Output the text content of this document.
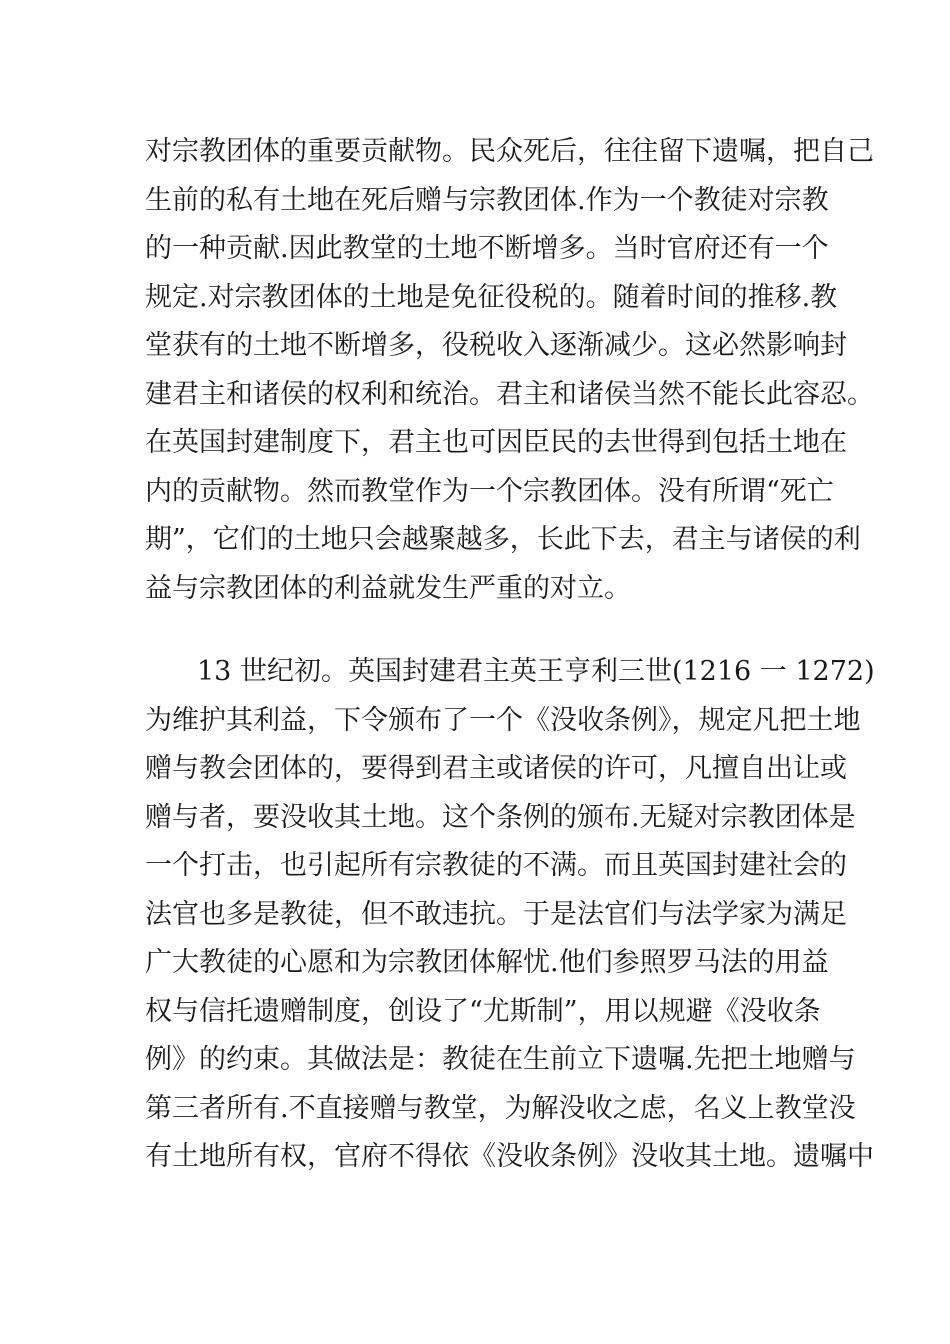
对宗教团体的重要贡献物。民众死后，往往留下遗嘱，把自己
生前的私有土地在死后赠与宗教团体.作为一个教徒对宗教
的一种贡献.因此教堂的土地不断增多。当时官府还有一个
规定.对宗教团体的土地是免征役税的。随着时间的推移.教
堂获有的土地不断增多，役税收入逐渐减少。这必然影响封
建君主和诸侯的权利和统治。君主和诸侯当然不能长此容忍。
在英国封建制度下，君主也可因臣民的去世得到包括土地在
内的贡献物。然而教堂作为一个宗教团体。没有所谓“死亡
期”，它们的土地只会越聚越多，长此下去，君主与诸侯的利
益与宗教团体的利益就发生严重的对立。
13 世纪初。英国封建君主英王亨利三世(1216 一 1272)
为维护其利益，下令颁布了一个《没收条例》，规定凡把土地
赠与教会团体的，要得到君主或诸侯的许可，凡擅自出让或
赠与者，要没收其土地。这个条例的颁布.无疑对宗教团体是
一个打击，也引起所有宗教徒的不满。而且英国封建社会的
法官也多是教徒，但不敢违抗。于是法官们与法学家为满足
广大教徒的心愿和为宗教团体解忧.他们参照罗马法的用益
权与信托遗赠制度，创设了“尤斯制”，用以规避《没收条
例》的约束。其做法是：教徒在生前立下遗嘱.先把土地赠与
第三者所有.不直接赠与教堂，为解没收之虑，名义上教堂没
有土地所有权，官府不得依《没收条例》没收其土地。遗嘱中
